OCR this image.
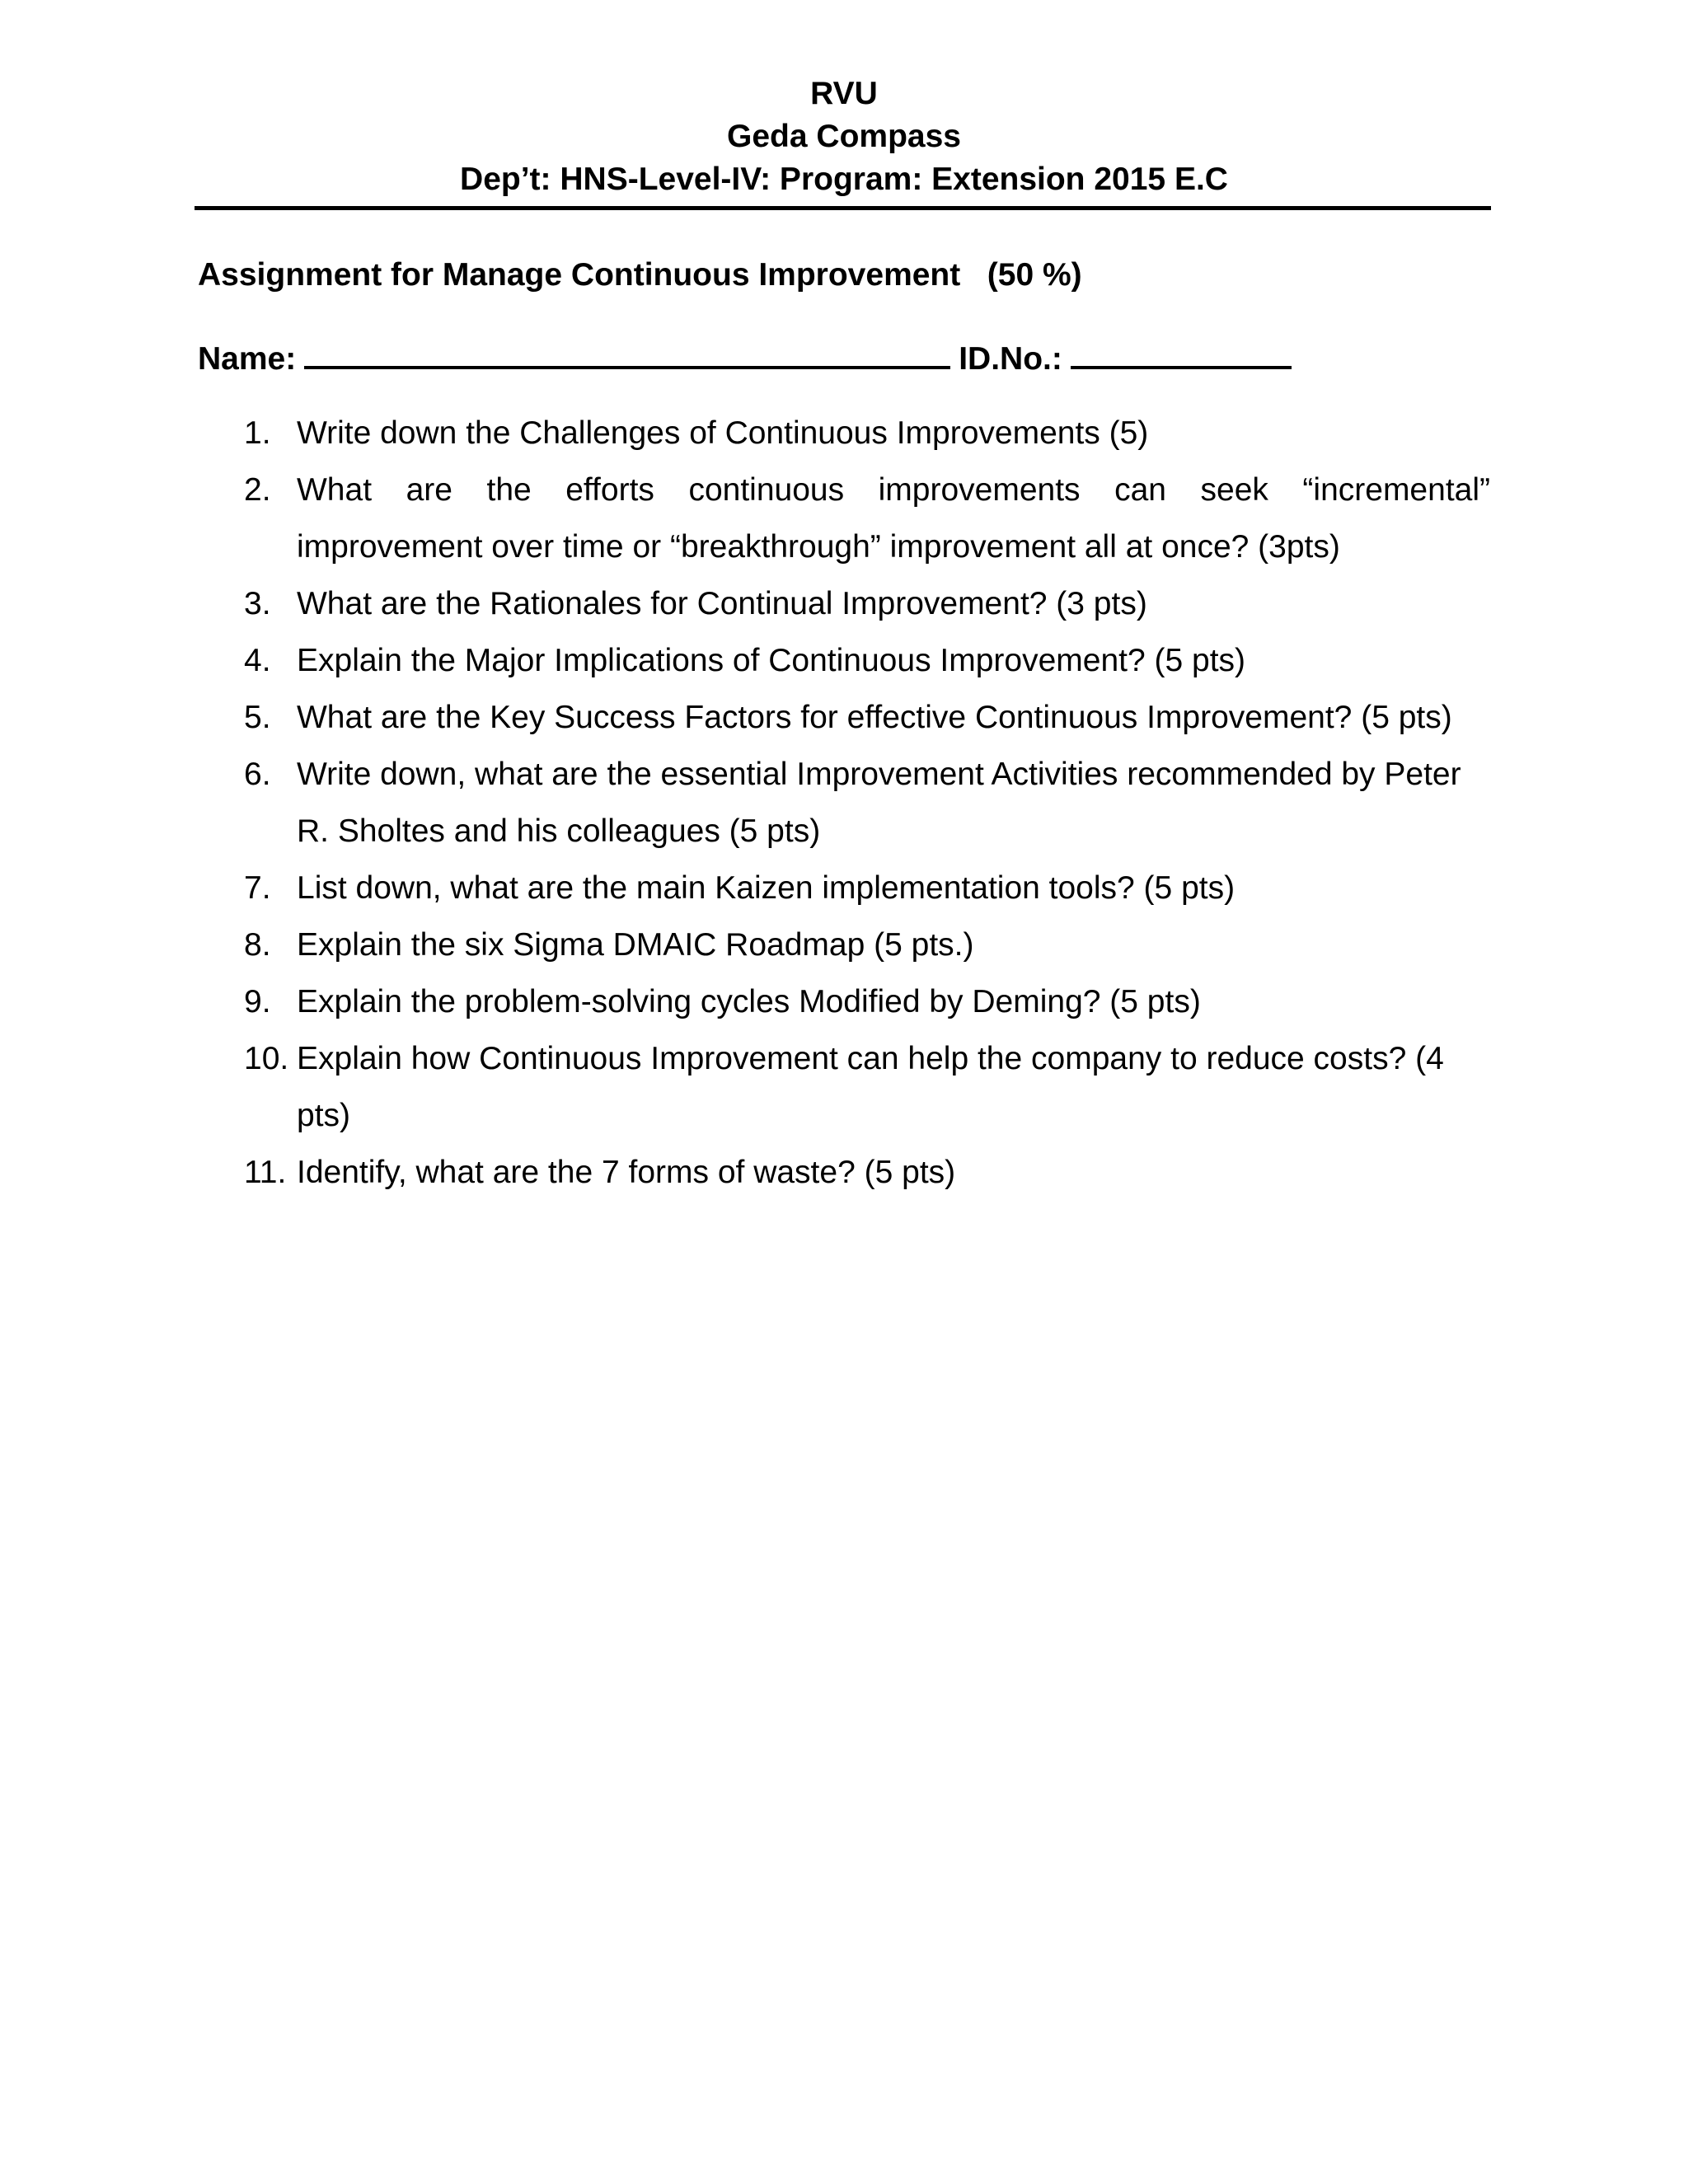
RVU
Geda Compass
Dep’t: HNS-Level-IV: Program: Extension 2015 E.C
Assignment for Manage Continuous Improvement (50 %)
Name:	ID.No.:
1. Write down the Challenges of Continuous Improvements (5)
2. What are the efforts continuous improvements can seek “incremental”
improvement over time or “breakthrough” improvement all at once? (3pts)
3. What are the Rationales for Continual Improvement? (3 pts)
4. Explain the Major Implications of Continuous Improvement? (5 pts)
5. What are the Key Success Factors for effective Continuous Improvement? (5 pts)
6. Write down, what are the essential Improvement Activities recommended by Peter
R. Sholtes and his colleagues (5 pts)
7. List down, what are the main Kaizen implementation tools? (5 pts)
8. Explain the six Sigma DMAIC Roadmap (5 pts.)
9. Explain the problem-solving cycles Modified by Deming? (5 pts)
10. Explain how Continuous Improvement can help the company to reduce costs? (4
pts)
11. Identify, what are the 7 forms of waste? (5 pts)
